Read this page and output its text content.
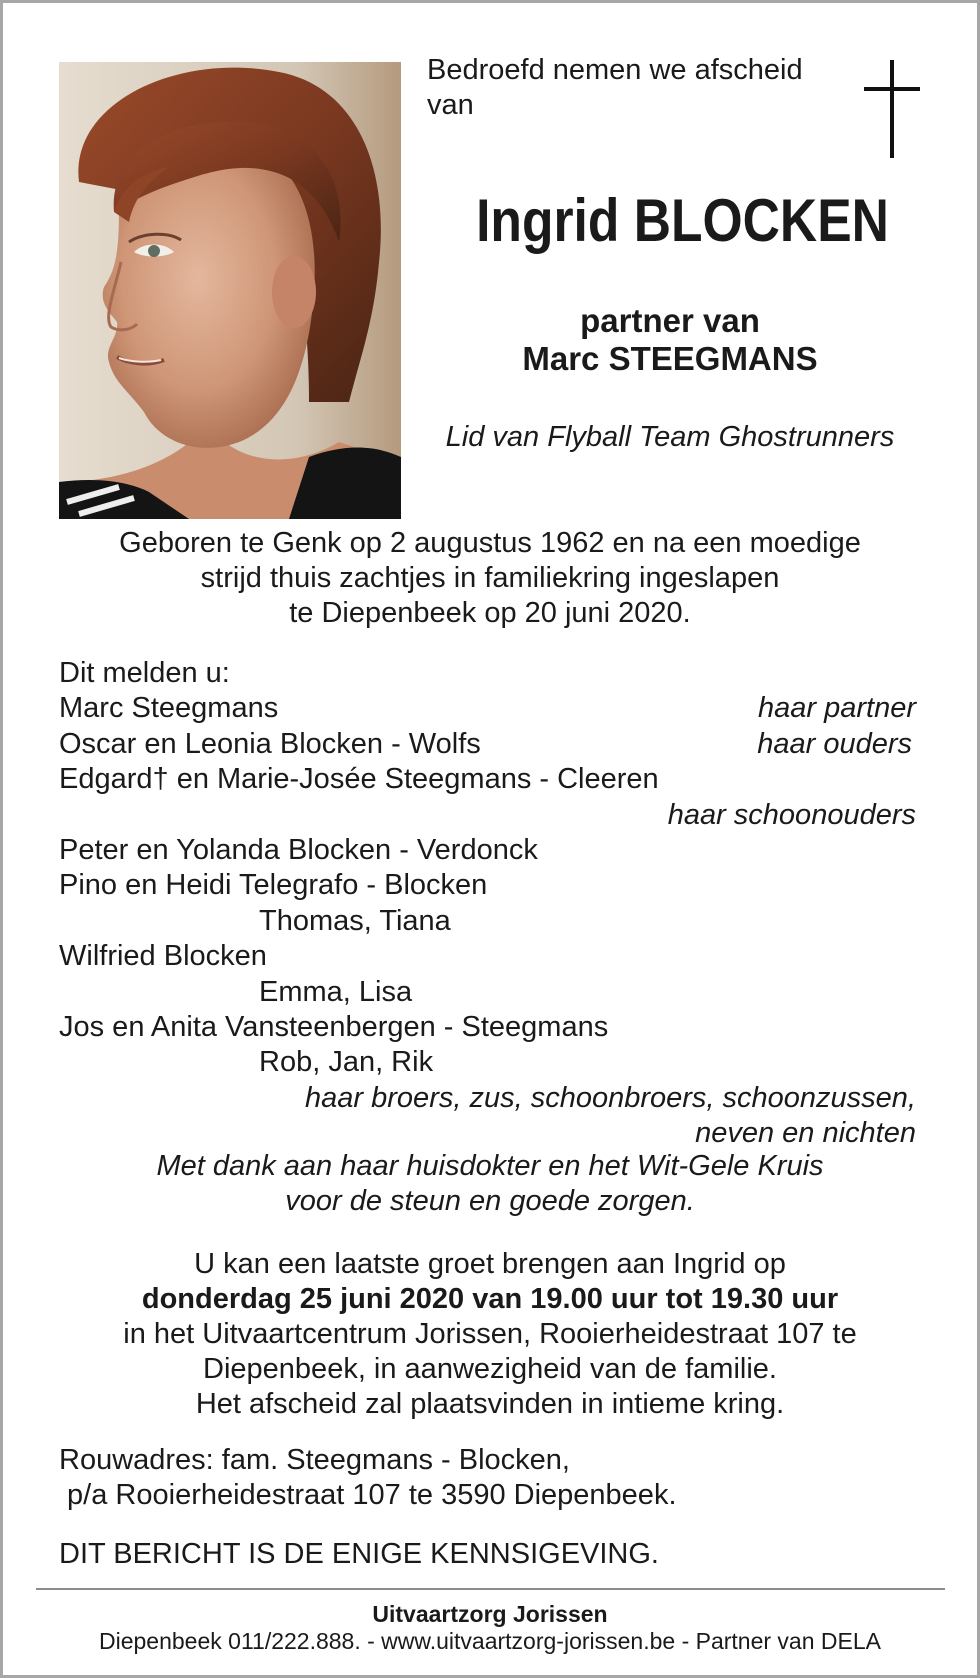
Bedroefd nemen we afscheid
van
Ingrid BLOCKEN
partner van
Marc STEEGMANS
Lid van Flyball Team Ghostrunners
Geboren te Genk op 2 augustus 1962 en na een moedige
strijd thuis zachtjes in familiekring ingeslapen
te Diepenbeek op 20 juni 2020.
Dit melden u:
Marc Steegmans	haar partner
Oscar en Leonia Blocken - Wolfs	haar ouders
Edgard† en Marie-Josée Steegmans - Cleeren
haar schoonouders
Peter en Yolanda Blocken - Verdonck
Pino en Heidi Telegrafo - Blocken
Thomas, Tiana
Wilfried Blocken
Emma, Lisa
Jos en Anita Vansteenbergen - Steegmans
Rob, Jan, Rik
haar broers, zus, schoonbroers, schoonzussen,
neven en nichten
Met dank aan haar huisdokter en het Wit-Gele Kruis
voor de steun en goede zorgen.
U kan een laatste groet brengen aan Ingrid op
donderdag 25 juni 2020 van 19.00 uur tot 19.30 uur
in het Uitvaartcentrum Jorissen, Rooierheidestraat 107 te
Diepenbeek, in aanwezigheid van de familie.
Het afscheid zal plaatsvinden in intieme kring.
Rouwadres: fam. Steegmans - Blocken,
p/a Rooierheidestraat 107 te 3590 Diepenbeek.
DIT BERICHT IS DE ENIGE KENNSIGEVING.
Uitvaartzorg Jorissen
Diepenbeek 011/222.888. - www.uitvaartzorg-jorissen.be - Partner van DELA
